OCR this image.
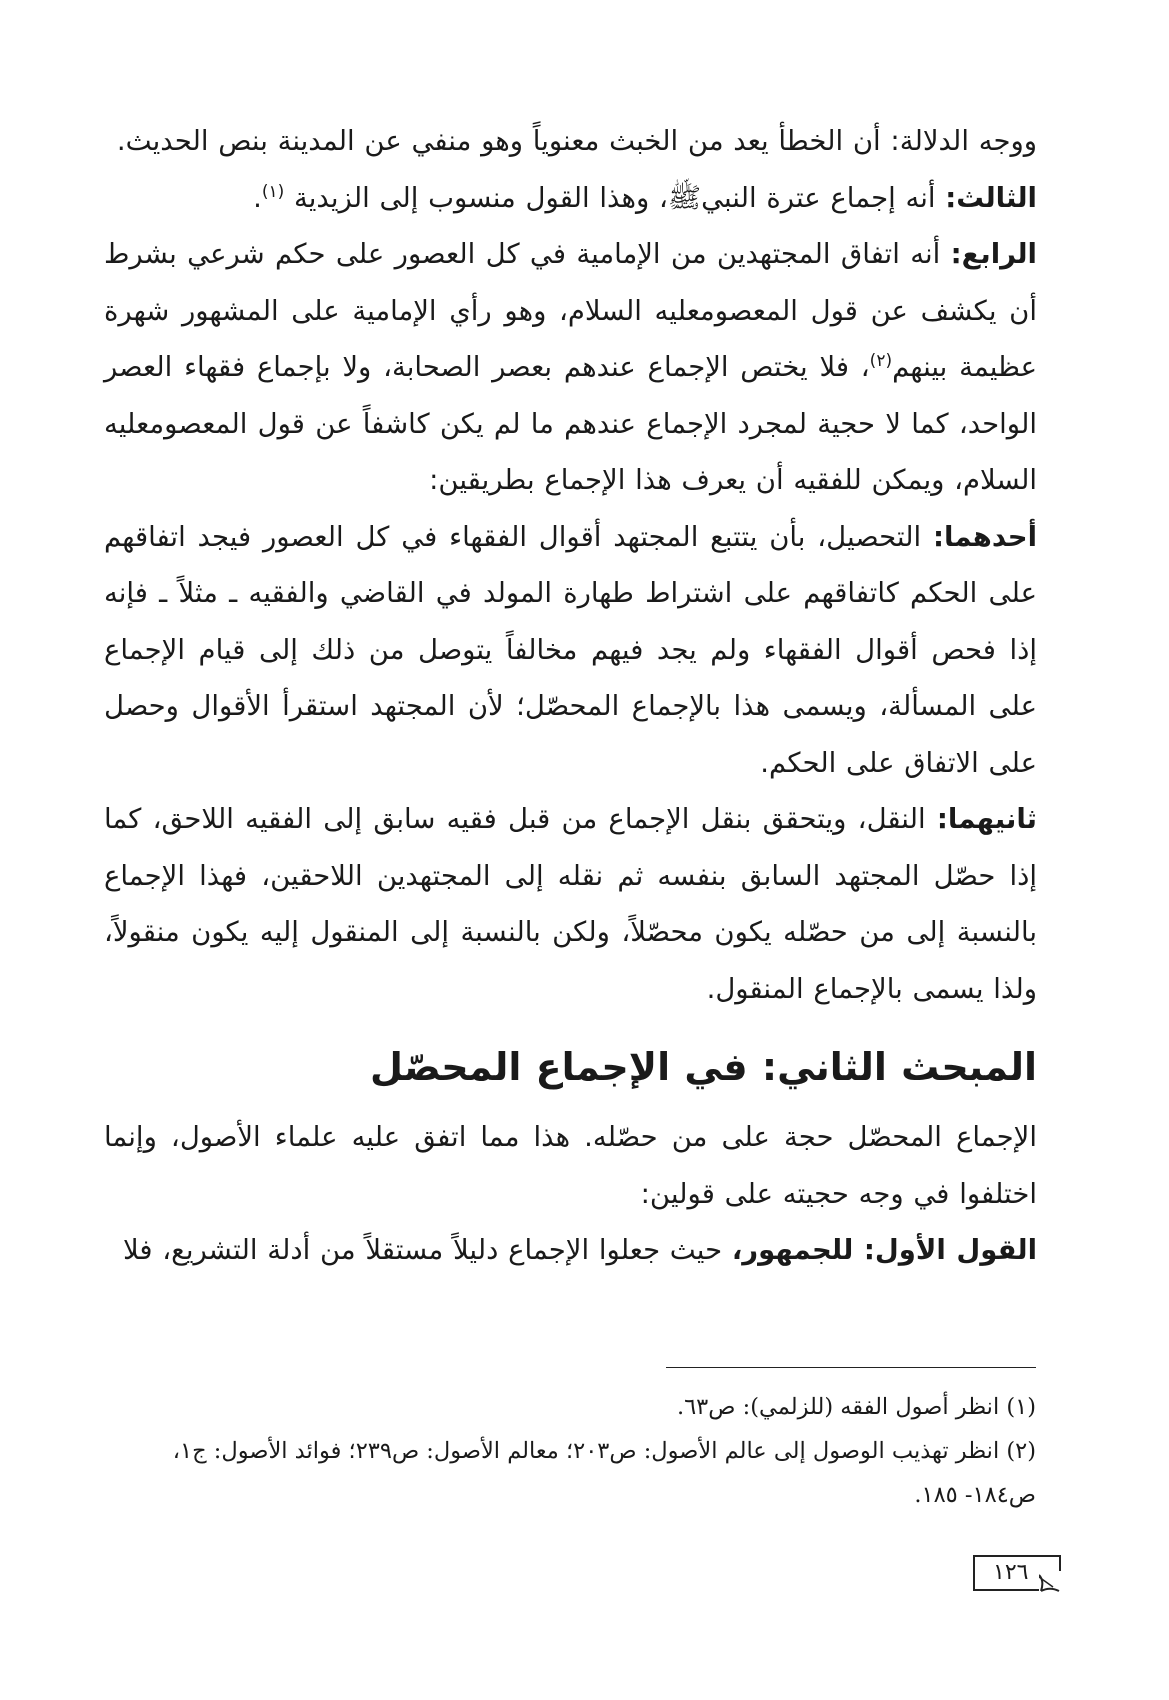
ووجه الدلالة: أن الخطأ يعد من الخبث معنوياً وهو منفي عن المدينة بنص الحديث.

الثالث: أنه إجماع عترة النبيﷺ، وهذا القول منسوب إلى الزيدية $^{(١)}$.

الرابع: أنه اتفاق المجتهدين من الإمامية في كل العصور على حكم شرعي بشرط أن يكشف عن قول المعصومعليه السلام، وهو رأي الإمامية على المشهور شهرة عظيمة بينهم$^{(٢)}$، فلا يختص الإجماع عندهم بعصر الصحابة، ولا بإجماع فقهاء العصر الواحد، كما لا حجية لمجرد الإجماع عندهم ما لم يكن كاشفاً عن قول المعصومعليه السلام، ويمكن للفقيه أن يعرف هذا الإجماع بطريقين:

أحدهما: التحصيل، بأن يتتبع المجتهد أقوال الفقهاء في كل العصور فيجد اتفاقهم على الحكم كاتفاقهم على اشتراط طهارة المولد في القاضي والفقيه ـ مثلاً ـ فإنه إذا فحص أقوال الفقهاء ولم يجد فيهم مخالفاً يتوصل من ذلك إلى قيام الإجماع على المسألة، ويسمى هذا بالإجماع المحصّل؛ لأن المجتهد استقرأ الأقوال وحصل على الاتفاق على الحكم.

ثانيهما: النقل، ويتحقق بنقل الإجماع من قبل فقيه سابق إلى الفقيه اللاحق، كما إذا حصّل المجتهد السابق بنفسه ثم نقله إلى المجتهدين اللاحقين، فهذا الإجماع بالنسبة إلى من حصّله يكون محصّلاً، ولكن بالنسبة إلى المنقول إليه يكون منقولاً، ولذا يسمى بالإجماع المنقول.

المبحث الثاني: في الإجماع المحصّل

الإجماع المحصّل حجة على من حصّله. هذا مما اتفق عليه علماء الأصول، وإنما اختلفوا في وجه حجيته على قولين:

القول الأول: للجمهور، حيث جعلوا الإجماع دليلاً مستقلاً من أدلة التشريع، فلا

(١) انظر أصول الفقه (للزلمي): ص٦٣.

(٢) انظر تهذيب الوصول إلى عالم الأصول: ص٢٠٣؛ معالم الأصول: ص٢٣٩؛ فوائد الأصول: ج١، ص١٨٤- ١٨٥.

١٢٦
